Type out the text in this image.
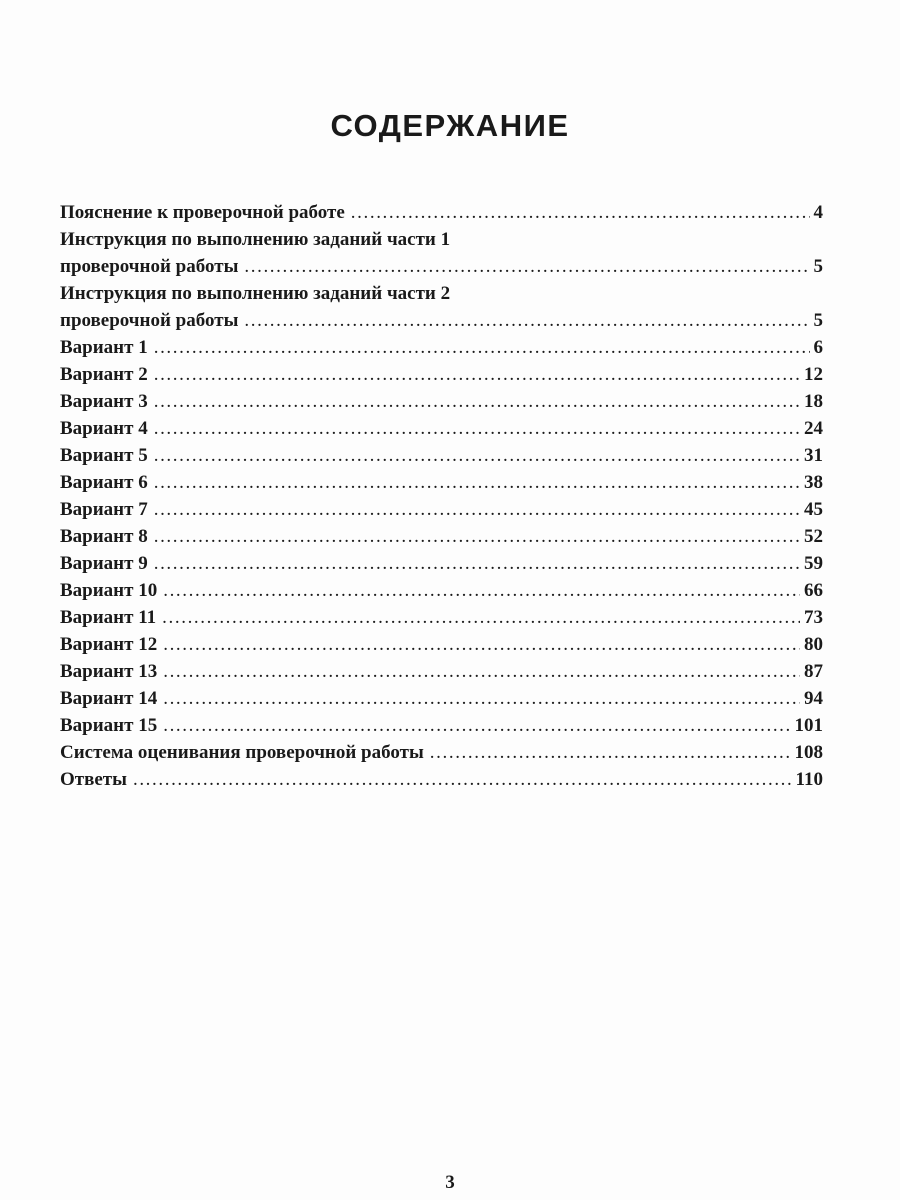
СОДЕРЖАНИЕ
Пояснение к проверочной работе .....	4
Инструкция по выполнению заданий части 1
проверочной работы .....	5
Инструкция по выполнению заданий части 2
проверочной работы .....	5
Вариант 1 .....	6
Вариант 2 .....	12
Вариант 3 .....	18
Вариант 4 .....	24
Вариант 5 .....	31
Вариант 6 .....	38
Вариант 7 .....	45
Вариант 8 .....	52
Вариант 9 .....	59
Вариант 10 .....	66
Вариант 11 .....	73
Вариант 12 .....	80
Вариант 13 .....	87
Вариант 14 .....	94
Вариант 15 .....	101
Система оценивания проверочной работы .....	108
Ответы .....	110
3
